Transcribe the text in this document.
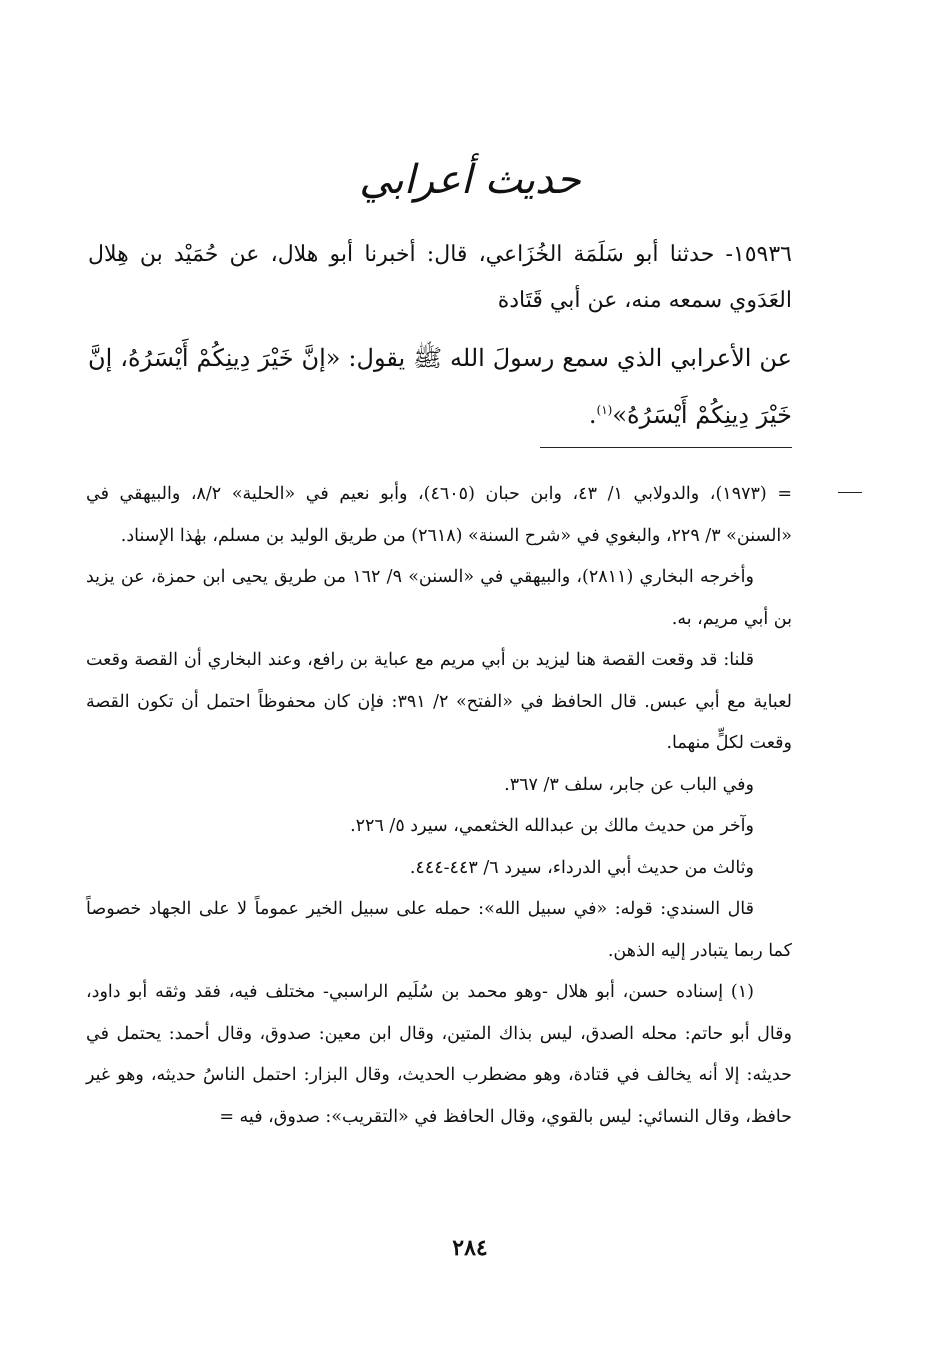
حديث أعرابي

١٥٩٣٦- حدثنا أبو سَلَمَة الخُزَاعي، قال: أخبرنا أبو هلال، عن حُمَيْد بن هِلال العَدَوي سمعه منه، عن أبي قَتَادة

عن الأعرابي الذي سمع رسولَ الله ﷺ يقول: «إنَّ خَيْرَ دِينِكُمْ أَيْسَرُهُ، إنَّ خَيْرَ دِينِكُمْ أَيْسَرُهُ»$^{(١)}$.

= (١٩٧٣)، والدولابي ١/ ٤٣، وابن حبان (٤٦٠٥)، وأبو نعيم في «الحلية» ٨/٢، والبيهقي في «السنن» ٣/ ٢٢٩، والبغوي في «شرح السنة» (٢٦١٨) من طريق الوليد بن مسلم، بهٰذا الإسناد.

وأخرجه البخاري (٢٨١١)، والبيهقي في «السنن» ٩/ ١٦٢ من طريق يحيى ابن حمزة، عن يزيد بن أبي مريم، به.

قلنا: قد وقعت القصة هنا ليزيد بن أبي مريم مع عباية بن رافع، وعند البخاري أن القصة وقعت لعباية مع أبي عبس. قال الحافظ في «الفتح» ٢/ ٣٩١: فإن كان محفوظاً احتمل أن تكون القصة وقعت لكلٍّ منهما.

وفي الباب عن جابر، سلف ٣/ ٣٦٧.

وآخر من حديث مالك بن عبدالله الخثعمي، سيرد ٥/ ٢٢٦.

وثالث من حديث أبي الدرداء، سيرد ٦/ ٤٤٣-٤٤٤.

قال السندي: قوله: «في سبيل الله»: حمله على سبيل الخير عموماً لا على الجهاد خصوصاً كما ربما يتبادر إليه الذهن.

(١) إسناده حسن، أبو هلال -وهو محمد بن سُلَيم الراسبي- مختلف فيه، فقد وثقه أبو داود، وقال أبو حاتم: محله الصدق، ليس بذاك المتين، وقال ابن معين: صدوق، وقال أحمد: يحتمل في حديثه: إلا أنه يخالف في قتادة، وهو مضطرب الحديث، وقال البزار: احتمل الناسُ حديثه، وهو غير حافظ، وقال النسائي: ليس بالقوي، وقال الحافظ في «التقريب»: صدوق، فيه =

٢٨٤
